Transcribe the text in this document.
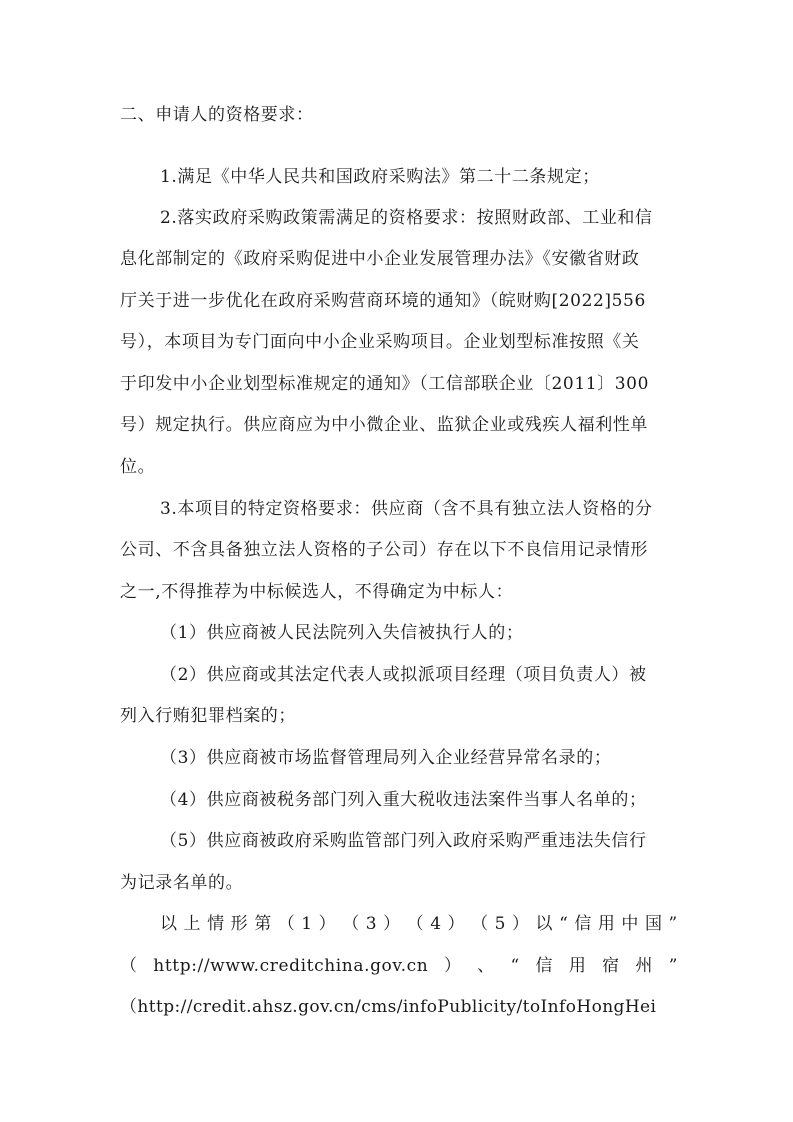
二、申请人的资格要求：
1.满足《中华人民共和国政府采购法》第二十二条规定；
2.落实政府采购政策需满足的资格要求：按照财政部、工业和信
息化部制定的《政府采购促进中小企业发展管理办法》《安徽省财政
厅关于进一步优化在政府采购营商环境的通知》（皖财购[2022]556
号），本项目为专门面向中小企业采购项目。企业划型标准按照《关
于印发中小企业划型标准规定的通知》（工信部联企业〔2011〕300
号）规定执行。供应商应为中小微企业、监狱企业或残疾人福利性单
位。
3.本项目的特定资格要求：供应商（含不具有独立法人资格的分
公司、不含具备独立法人资格的子公司）存在以下不良信用记录情形
之一,不得推荐为中标候选人，不得确定为中标人：
（1）供应商被人民法院列入失信被执行人的；
（2）供应商或其法定代表人或拟派项目经理（项目负责人）被
列入行贿犯罪档案的；
（3）供应商被市场监督管理局列入企业经营异常名录的；
（4）供应商被税务部门列入重大税收违法案件当事人名单的；
（5）供应商被政府采购监管部门列入政府采购严重违法失信行
为记录名单的。
以 上 情 形 第 （ 1 ） （ 3 ） （ 4 ） （ 5 ） 以 “ 信 用 中 国 ”
（ http://www.creditchina.gov.cn ） 、 “ 信 用 宿 州 ”
（http://credit.ahsz.gov.cn/cms/infoPublicity/toInfoHongHei
